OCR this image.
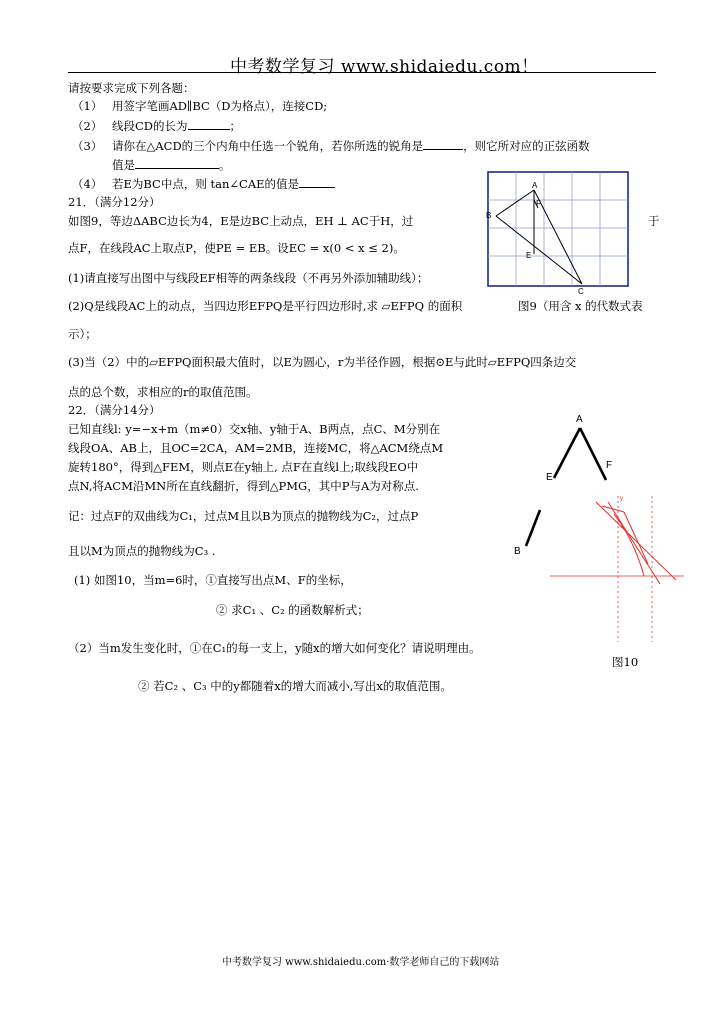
中考数学复习 www.shidaiedu.com！
请按要求完成下列各题：
（1） 用签字笔画AD∥BC（D为格点），连接CD;
（2） 线段CD的长为	；
（3） 请你在△ACD的三个内角中任选一个锐角，若你所选的锐角是	，则它所对应的正弦函数
值是	。
（4） 若E为BC中点，则 tan∠CAE的值是
21．（满分12分）
如图9，等边ΔABC边长为4，E是边BC上动点，EH ⊥ AC于H，过	于
点F，在线段AC上取点P，使PE = EB。设EC = x(0 < x ≤ 2)。
(1)请直接写出图中与线段EF相等的两条线段（不再另外添加辅助线）；
(2)Q是线段AC上的动点，当四边形EFPQ是平行四边形时,求 ▱EFPQ 的面积	图9（用含 x 的代数式表
示）；
(3)当（2）中的▱EFPQ面积最大值时，以E为圆心，r为半径作圆，根据⊙E与此时▱EFPQ四条边交
点的总个数，求相应的r的取值范围。
A
B
C
E
F
22．（满分14分）
已知直线l: y=−x+m（m≠0）交x轴、y轴于A、B两点，点C、M分别在
线段OA、AB上，且OC=2CA，AM=2MB，连接MC，将△ACM绕点M
旋转180°，得到△FEM，则点E在y轴上, 点F在直线l上;取线段EO中
点N,将ACM沿MN所在直线翻折，得到△PMG，其中P与A为对称点.
记：过点F的双曲线为C₁，过点M且以B为顶点的抛物线为C₂，过点P
且以M为顶点的抛物线为C₃ .
(1) 如图10，当m=6时，①直接写出点M、F的坐标，
② 求C₁ 、C₂ 的函数解析式；
（2）当m发生变化时，①在C₁的每一支上，y随x的增大如何变化？请说明理由。
② 若C₂ 、C₃ 中的y都随着x的增大而减小,写出x的取值范围。
A
E
F
B
y
图10
中考数学复习 www.shidaiedu.com·数学老师自己的下载网站
